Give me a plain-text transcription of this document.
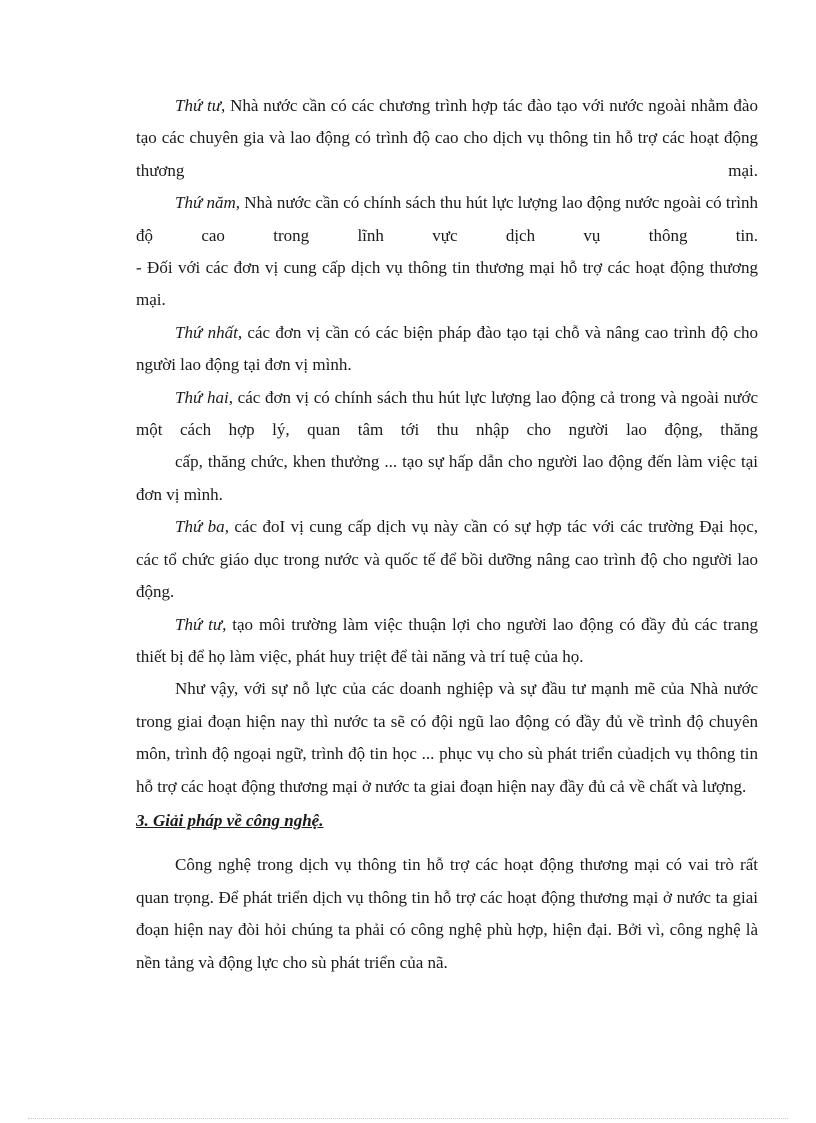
Thứ tư, Nhà nước cần có các chương trình hợp tác đào tạo với nước ngoài nhằm đào tạo các chuyên gia và lao động có trình độ cao cho dịch vụ thông tin hỗ trợ các hoạt động thương mại.

Thứ năm, Nhà nước cần có chính sách thu hút lực lượng lao động nước ngoài có trình độ cao trong lĩnh vực dịch vụ thông tin.

- Đối với các đơn vị cung cấp dịch vụ thông tin thương mại hỗ trợ các hoạt động thương mại.

Thứ nhất, các đơn vị cần có các biện pháp đào tạo tại chỗ và nâng cao trình độ cho người lao động tại đơn vị mình.

Thứ hai, các đơn vị có chính sách thu hút lực lượng lao động cả trong và ngoài nước một cách hợp lý, quan tâm tới thu nhập cho người lao động, thăng

cấp, thăng chức, khen thưởng ... tạo sự hấp dẫn cho người lao động đến làm việc tại đơn vị mình.

Thứ ba, các đoI vị cung cấp dịch vụ này cần có sự hợp tác với các trường Đại học, các tổ chức giáo dục trong nước và quốc tế để bồi dưỡng nâng cao trình độ cho người lao động.

Thứ tư, tạo môi trường làm việc thuận lợi cho người lao động có đầy đủ các trang thiết bị để họ làm việc, phát huy triệt để tài năng và trí tuệ của họ.

Như vậy, với sự nỗ lực của các doanh nghiệp và sự đầu tư mạnh mẽ của Nhà nước trong giai đoạn hiện nay thì nước ta sẽ có đội ngũ lao động có đầy đủ về trình độ chuyên môn, trình độ ngoại ngữ, trình độ tin học ... phục vụ cho sù phát triển củadịch vụ thông tin hỗ trợ các hoạt động thương mại ở nước ta giai đoạn hiện nay đầy đủ cả về chất và lượng.

3. Giải pháp về công nghệ.

Công nghệ trong dịch vụ thông tin hỗ trợ các hoạt động thương mại có vai trò rất quan trọng. Để phát triển dịch vụ thông tin hỗ trợ các hoạt động thương mại ở nước ta giai đoạn hiện nay đòi hỏi chúng ta phải có công nghệ phù hợp, hiện đại. Bởi vì, công nghệ là nền tảng và động lực cho sù phát triển của nã.
